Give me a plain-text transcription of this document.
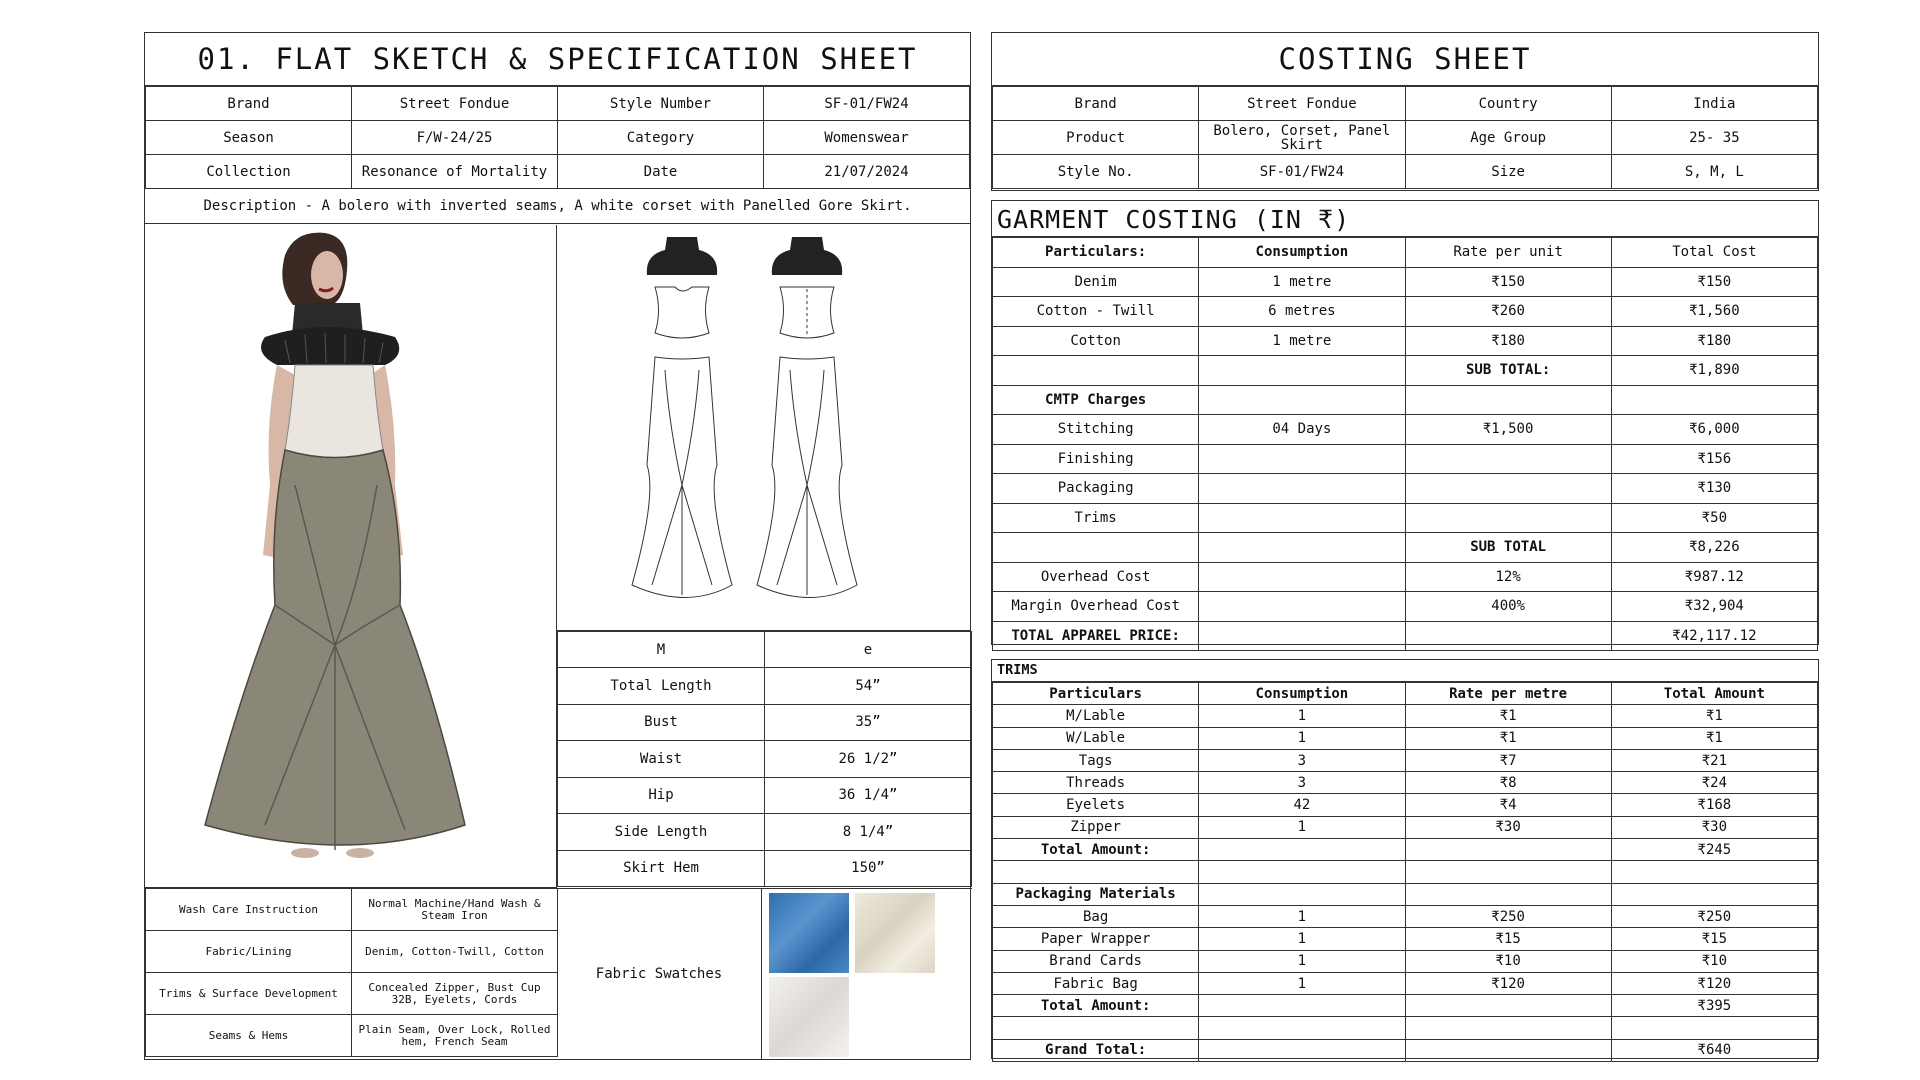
01. FLAT SKETCH & SPECIFICATION SHEET
Brand	Street Fondue	Style Number	SF-01/FW24
Season	F/W-24/25	Category	Womenswear
Collection	Resonance of Mortality	Date	21/07/2024
Description - A bolero with inverted seams, A white corset with Panelled Gore Skirt.
M	e
Total Length	54”
Bust	35”
Waist	26 1/2”
Hip	36 1/4”
Side Length	8 1/4”
Skirt Hem	150”
Wash Care Instruction	Normal Machine/Hand Wash & Steam Iron
Fabric/Lining	Denim, Cotton-Twill, Cotton
Trims & Surface Development	Concealed Zipper, Bust Cup 32B, Eyelets, Cords
Seams & Hems	Plain Seam, Over Lock, Rolled hem, French Seam
Fabric Swatches
COSTING SHEET
Brand	Street Fondue	Country	India
Product	Bolero, Corset, Panel Skirt	Age Group	25- 35
Style No.	SF-01/FW24	Size	S, M, L
GARMENT COSTING (IN ₹)
Particulars:	Consumption	Rate per unit	Total Cost
Denim	1 metre	₹150	₹150
Cotton - Twill	6 metres	₹260	₹1,560
Cotton	1 metre	₹180	₹180
		SUB TOTAL:	₹1,890
CMTP Charges			
Stitching	04 Days	₹1,500	₹6,000
Finishing			₹156
Packaging			₹130
Trims			₹50
		SUB TOTAL	₹8,226
Overhead Cost		12%	₹987.12
Margin Overhead Cost		400%	₹32,904
TOTAL APPAREL PRICE:			₹42,117.12
TRIMS
Particulars	Consumption	Rate per metre	Total Amount
M/Lable	1	₹1	₹1
W/Lable	1	₹1	₹1
Tags	3	₹7	₹21
Threads	3	₹8	₹24
Eyelets	42	₹4	₹168
Zipper	1	₹30	₹30
Total Amount:			₹245

Packaging Materials			
Bag	1	₹250	₹250
Paper Wrapper	1	₹15	₹15
Brand Cards	1	₹10	₹10
Fabric Bag	1	₹120	₹120
Total Amount:			₹395

Grand Total:			₹640
